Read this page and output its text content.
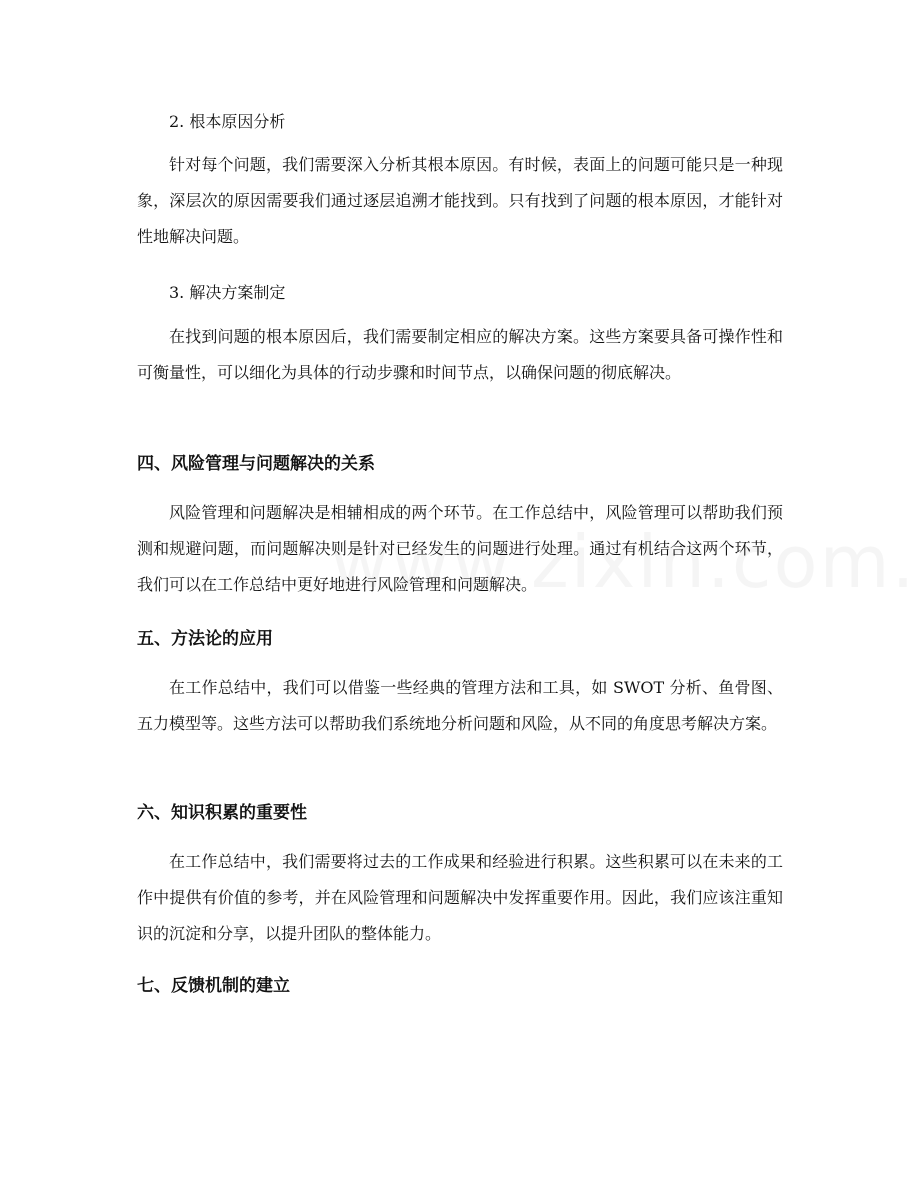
2. 根本原因分析

针对每个问题，我们需要深入分析其根本原因。有时候，表面上的问题可能只是一种现象，深层次的原因需要我们通过逐层追溯才能找到。只有找到了问题的根本原因，才能针对性地解决问题。

3. 解决方案制定

在找到问题的根本原因后，我们需要制定相应的解决方案。这些方案要具备可操作性和可衡量性，可以细化为具体的行动步骤和时间节点，以确保问题的彻底解决。

四、风险管理与问题解决的关系

风险管理和问题解决是相辅相成的两个环节。在工作总结中，风险管理可以帮助我们预测和规避问题，而问题解决则是针对已经发生的问题进行处理。通过有机结合这两个环节，我们可以在工作总结中更好地进行风险管理和问题解决。

五、方法论的应用

在工作总结中，我们可以借鉴一些经典的管理方法和工具，如 SWOT 分析、鱼骨图、五力模型等。这些方法可以帮助我们系统地分析问题和风险，从不同的角度思考解决方案。

六、知识积累的重要性

在工作总结中，我们需要将过去的工作成果和经验进行积累。这些积累可以在未来的工作中提供有价值的参考，并在风险管理和问题解决中发挥重要作用。因此，我们应该注重知识的沉淀和分享，以提升团队的整体能力。

七、反馈机制的建立
